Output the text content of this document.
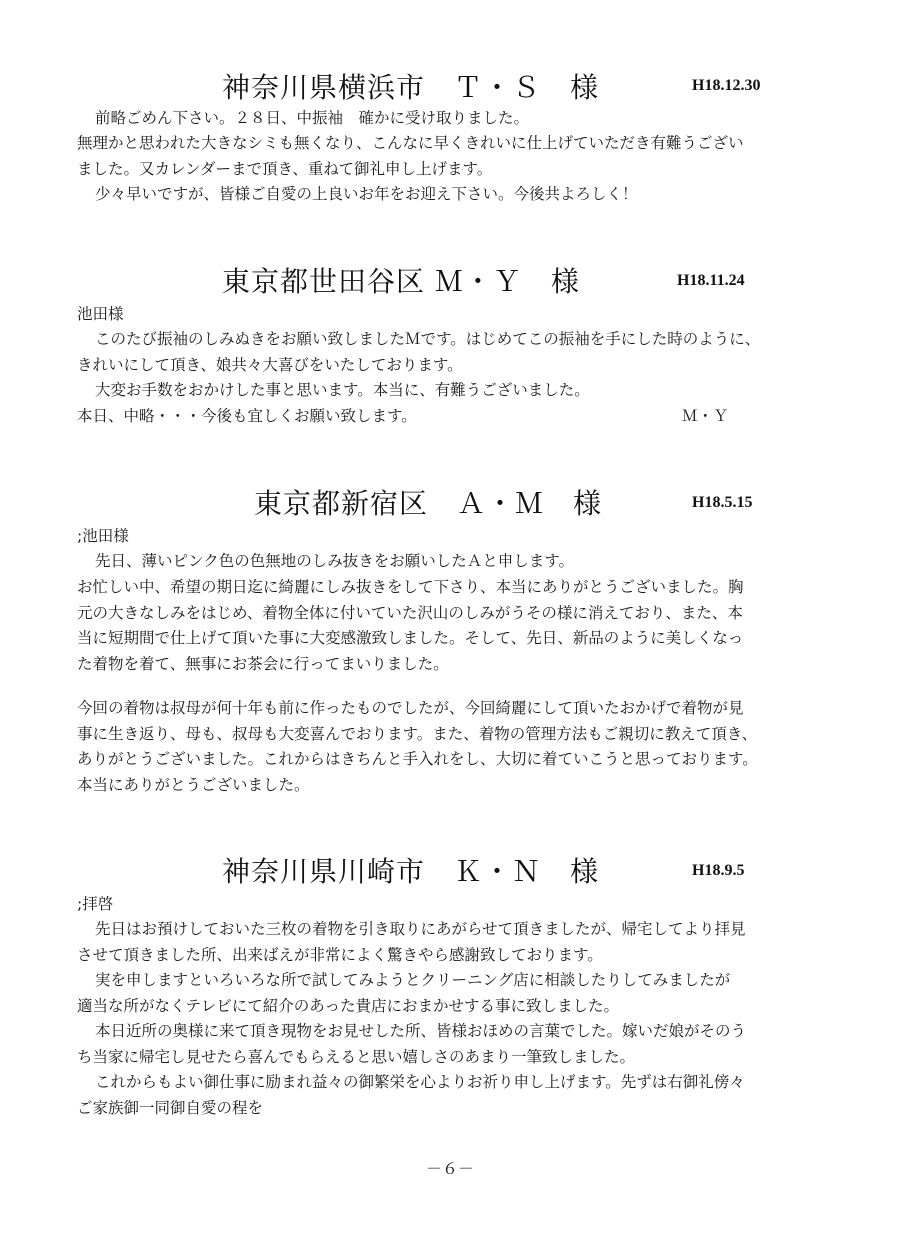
神奈川県横浜市　Ｔ・Ｓ　様	H18.12.30
前略ごめん下さい。２８日、中振袖　確かに受け取りました。
無理かと思われた大きなシミも無くなり、こんなに早くきれいに仕上げていただき有難うござい
ました。又カレンダーまで頂き、重ねて御礼申し上げます。
少々早いですが、皆様ご自愛の上良いお年をお迎え下さい。今後共よろしく！
東京都世田谷区 Ｍ・Ｙ　様	H18.11.24
池田様
このたび振袖のしみぬきをお願い致しましたＭです。はじめてこの振袖を手にした時のように、
きれいにして頂き、娘共々大喜びをいたしております。
大変お手数をおかけした事と思います。本当に、有難うございました。
本日、中略・・・今後も宜しくお願い致します。	Ｍ・Ｙ
東京都新宿区　Ａ・Ｍ　様	H18.5.15
;池田様
先日、薄いピンク色の色無地のしみ抜きをお願いしたＡと申します。
お忙しい中、希望の期日迄に綺麗にしみ抜きをして下さり、本当にありがとうございました。胸
元の大きなしみをはじめ、着物全体に付いていた沢山のしみがうその様に消えており、また、本
当に短期間で仕上げて頂いた事に大変感激致しました。そして、先日、新品のように美しくなっ
た着物を着て、無事にお茶会に行ってまいりました。
今回の着物は叔母が何十年も前に作ったものでしたが、今回綺麗にして頂いたおかげで着物が見
事に生き返り、母も、叔母も大変喜んでおります。また、着物の管理方法もご親切に教えて頂き、
ありがとうございました。これからはきちんと手入れをし、大切に着ていこうと思っております。
本当にありがとうございました。
神奈川県川崎市　Ｋ・Ｎ　様	H18.9.5
;拝啓
先日はお預けしておいた三枚の着物を引き取りにあがらせて頂きましたが、帰宅してより拝見
させて頂きました所、出来ばえが非常によく驚きやら感謝致しております。
実を申しますといろいろな所で試してみようとクリーニング店に相談したりしてみましたが
適当な所がなくテレビにて紹介のあった貴店におまかせする事に致しました。
本日近所の奥様に来て頂き現物をお見せした所、皆様おほめの言葉でした。嫁いだ娘がそのう
ち当家に帰宅し見せたら喜んでもらえると思い嬉しさのあまり一筆致しました。
これからもよい御仕事に励まれ益々の御繁栄を心よりお祈り申し上げます。先ずは右御礼傍々
ご家族御一同御自愛の程を
－６－
